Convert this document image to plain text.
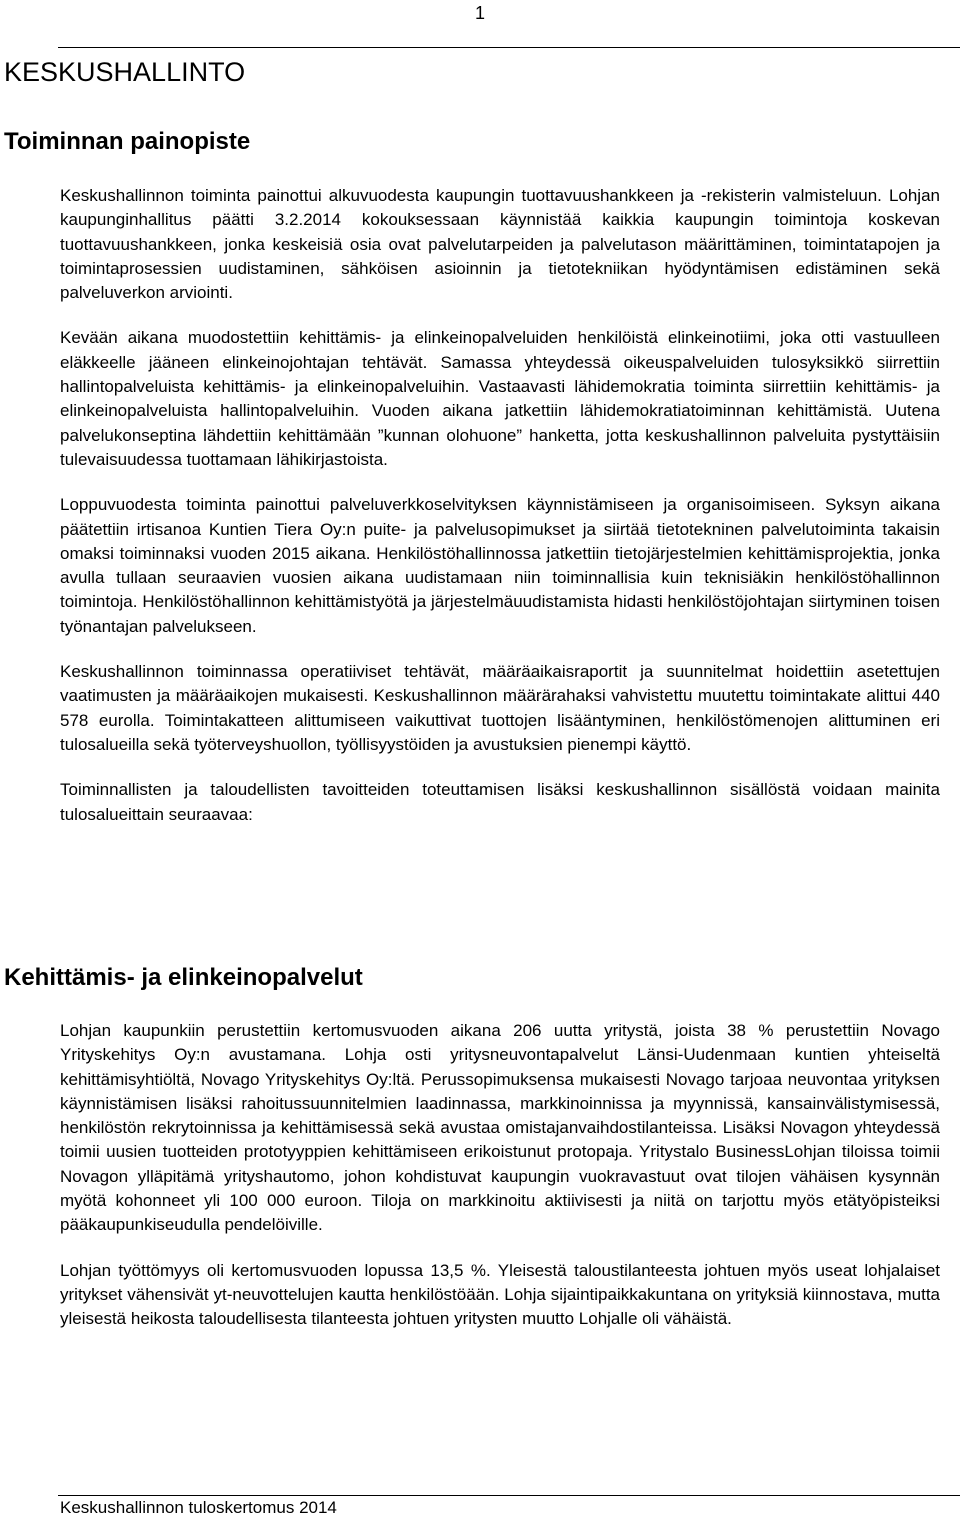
1
KESKUSHALLINTO
Toiminnan painopiste

Keskushallinnon toiminta painottui alkuvuodesta kaupungin tuottavuushankkeen ja -rekisterin valmisteluun. Lohjan kaupunginhallitus päätti 3.2.2014 kokouksessaan käynnistää kaikkia kaupungin toimintoja koskevan tuottavuushankkeen, jonka keskeisiä osia ovat palvelutarpeiden ja palvelutason määrittäminen, toimintatapojen ja toimintaprosessien uudistaminen, sähköisen asioinnin ja tietotekniikan hyödyntämisen edistäminen sekä palveluverkon arviointi.

Kevään aikana muodostettiin kehittämis- ja elinkeinopalveluiden henkilöistä elinkeinotiimi, joka otti vastuulleen eläkkeelle jääneen elinkeinojohtajan tehtävät. Samassa yhteydessä oikeuspalveluiden tulosyksikkö siirrettiin hallintopalveluista kehittämis- ja elinkeinopalveluihin. Vastaavasti lähidemokratia toiminta siirrettiin kehittämis- ja elinkeinopalveluista hallintopalveluihin. Vuoden aikana jatkettiin lähidemokratiatoiminnan kehittämistä. Uutena palvelukonseptina lähdettiin kehittämään ”kunnan olohuone” hanketta, jotta keskushallinnon palveluita pystyttäisiin tulevaisuudessa tuottamaan lähikirjastoista.

Loppuvuodesta toiminta painottui palveluverkkoselvityksen käynnistämiseen ja organisoimiseen. Syksyn aikana päätettiin irtisanoa Kuntien Tiera Oy:n puite- ja palvelusopimukset ja siirtää tietotekninen palvelutoiminta takaisin omaksi toiminnaksi vuoden 2015 aikana. Henkilöstöhallinnossa jatkettiin tietojärjestelmien kehittämisprojektia, jonka avulla tullaan seuraavien vuosien aikana uudistamaan niin toiminnallisia kuin teknisiäkin henkilöstöhallinnon toimintoja. Henkilöstöhallinnon kehittämistyötä ja järjestelmäuudistamista hidasti henkilöstöjohtajan siirtyminen toisen työnantajan palvelukseen.

Keskushallinnon toiminnassa operatiiviset tehtävät, määräaikaisraportit ja suunnitelmat hoidettiin asetettujen vaatimusten ja määräaikojen mukaisesti. Keskushallinnon määrärahaksi vahvistettu muutettu toimintakate alittui 440 578 eurolla. Toimintakatteen alittumiseen vaikuttivat tuottojen lisääntyminen, henkilöstömenojen alittuminen eri tulosalueilla sekä työterveyshuollon, työllisyystöiden ja avustuksien pienempi käyttö.

Toiminnallisten ja taloudellisten tavoitteiden toteuttamisen lisäksi keskushallinnon sisällöstä voidaan mainita tulosalueittain seuraavaa:

Kehittämis- ja elinkeinopalvelut

Lohjan kaupunkiin perustettiin kertomusvuoden aikana 206 uutta yritystä, joista 38 % perustettiin Novago Yrityskehitys Oy:n avustamana. Lohja osti yritysneuvontapalvelut Länsi-Uudenmaan kuntien yhteiseltä kehittämisyhtiöltä, Novago Yrityskehitys Oy:ltä. Perussopimuksensa mukaisesti Novago tarjoaa neuvontaa yrityksen käynnistämisen lisäksi rahoitussuunnitelmien laadinnassa, markkinoinnissa ja myynnissä, kansainvälistymisessä, henkilöstön rekrytoinnissa ja kehittämisessä sekä avustaa omistajanvaihdostilanteissa. Lisäksi Novagon yhteydessä toimii uusien tuotteiden prototyyppien kehittämiseen erikoistunut protopaja. Yritystalo BusinessLohjan tiloissa toimii Novagon ylläpitämä yrityshautomo, johon kohdistuvat kaupungin vuokravastuut ovat tilojen vähäisen kysynnän myötä kohonneet yli 100 000 euroon. Tiloja on markkinoitu aktiivisesti ja niitä on tarjottu myös etätyöpisteiksi pääkaupunkiseudulla pendelöiville.

Lohjan työttömyys oli kertomusvuoden lopussa 13,5 %. Yleisestä taloustilanteesta johtuen myös useat lohjalaiset yritykset vähensivät yt-neuvottelujen kautta henkilöstöään. Lohja sijaintipaikkakuntana on yrityksiä kiinnostava, mutta yleisestä heikosta taloudellisesta tilanteesta johtuen yritysten muutto Lohjalle oli vähäistä.

Keskushallinnon tuloskertomus 2014
